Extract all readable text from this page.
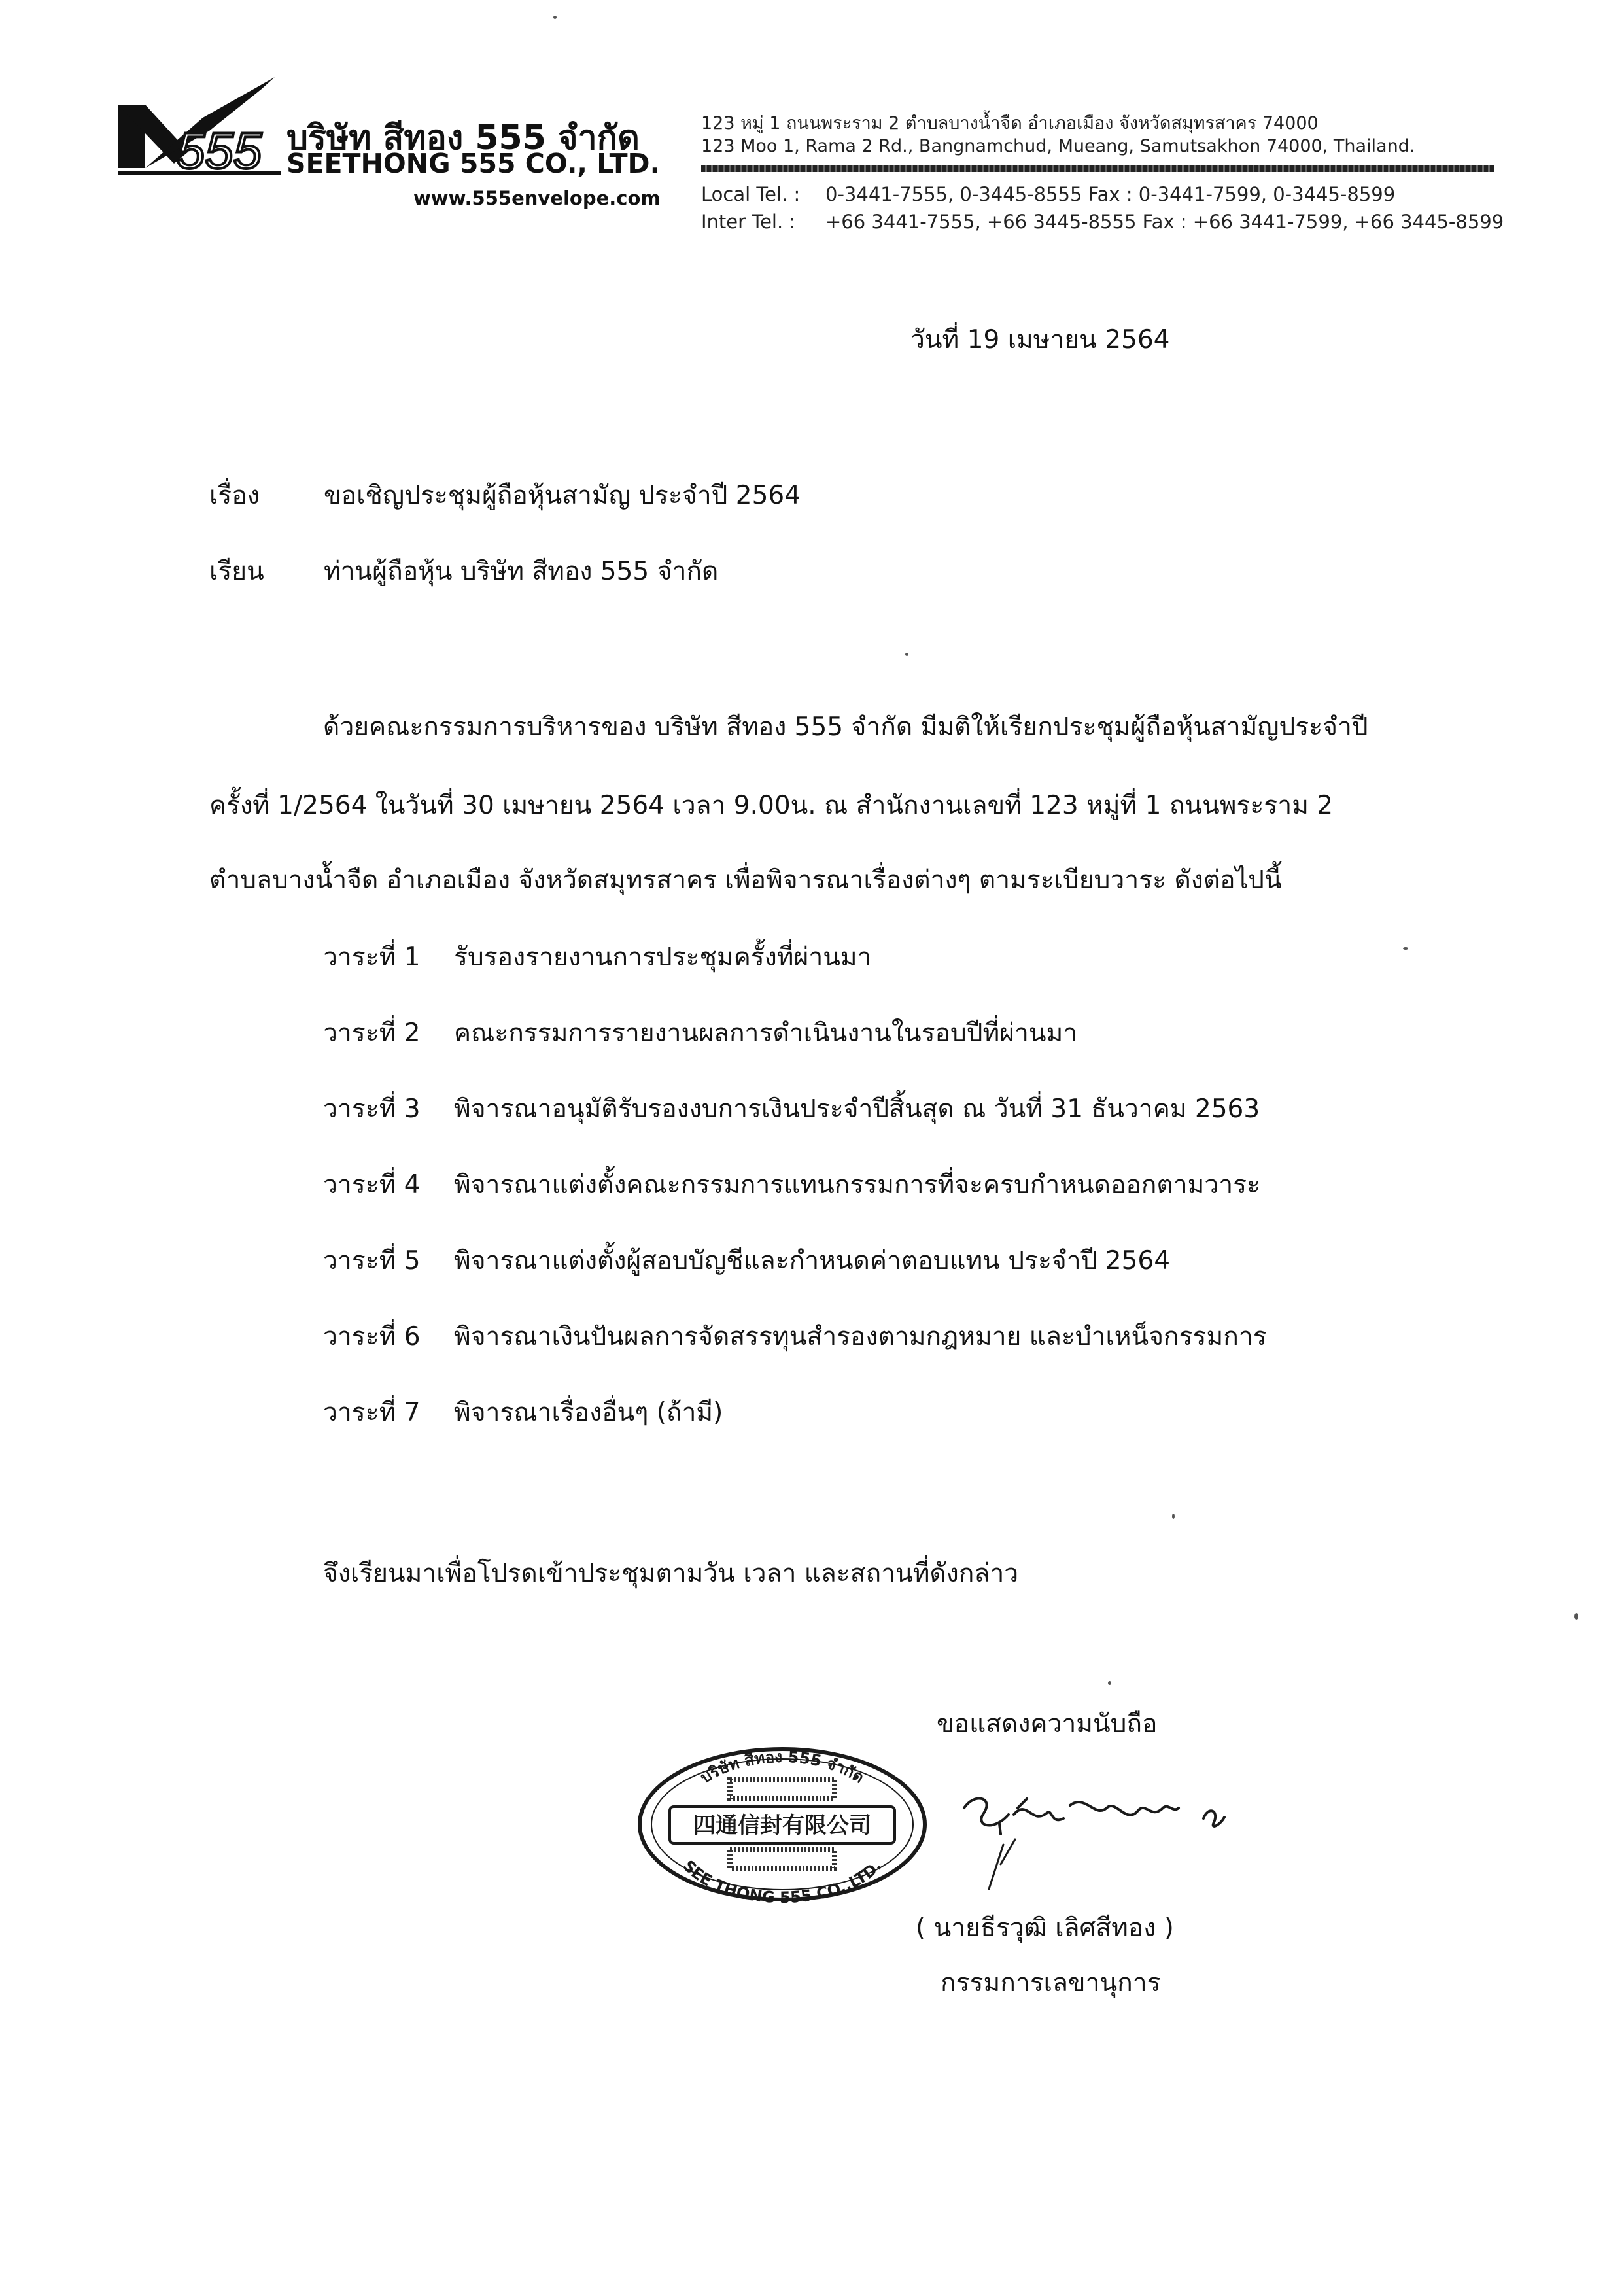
555 บริษัท สีทอง 555 จำกัด
SEETHONG 555 CO., LTD.
www.555envelope.com
123 หมู่ 1 ถนนพระราม 2 ตำบลบางน้ำจืด อำเภอเมือง จังหวัดสมุทรสาคร 74000
123 Moo 1, Rama 2 Rd., Bangnamchud, Mueang, Samutsakhon 74000, Thailand.
Local Tel. : 0-3441-7555, 0-3445-8555 Fax : 0-3441-7599, 0-3445-8599
Inter Tel. : +66 3441-7555, +66 3445-8555 Fax : +66 3441-7599, +66 3445-8599
วันที่ 19 เมษายน 2564
เรื่อง	ขอเชิญประชุมผู้ถือหุ้นสามัญ ประจำปี 2564
เรียน ท่านผู้ถือหุ้น บริษัท สีทอง 555 จำกัด
ด้วยคณะกรรมการบริหารของ บริษัท สีทอง 555 จำกัด มีมติให้เรียกประชุมผู้ถือหุ้นสามัญประจำปี
ครั้งที่ 1/2564 ในวันที่ 30 เมษายน 2564 เวลา 9.00น. ณ สำนักงานเลขที่ 123 หมู่ที่ 1 ถนนพระราม 2
ตำบลบางน้ำจืด อำเภอเมือง จังหวัดสมุทรสาคร เพื่อพิจารณาเรื่องต่างๆ ตามระเบียบวาระ ดังต่อไปนี้
วาระที่ 1 รับรองรายงานการประชุมครั้งที่ผ่านมา
วาระที่ 2 คณะกรรมการรายงานผลการดำเนินงานในรอบปีที่ผ่านมา
วาระที่ 3 พิจารณาอนุมัติรับรองงบการเงินประจำปีสิ้นสุด ณ วันที่ 31 ธันวาคม 2563
วาระที่ 4 พิจารณาแต่งตั้งคณะกรรมการแทนกรรมการที่จะครบกำหนดออกตามวาระ
วาระที่ 5 พิจารณาแต่งตั้งผู้สอบบัญชีและกำหนดค่าตอบแทน ประจำปี 2564
วาระที่ 6 พิจารณาเงินปันผลการจัดสรรทุนสำรองตามกฎหมาย และบำเหน็จกรรมการ
วาระที่ 7 พิจารณาเรื่องอื่นๆ (ถ้ามี)
จึงเรียนมาเพื่อโปรดเข้าประชุมตามวัน เวลา และสถานที่ดังกล่าว
ขอแสดงความนับถือ
บริษัท สีทอง 555 จำกัด
四通信封有限公司
SEE THONG 555 CO.,LTD.
( นายธีรวุฒิ เลิศสีทอง )
กรรมการเลขานุการ
